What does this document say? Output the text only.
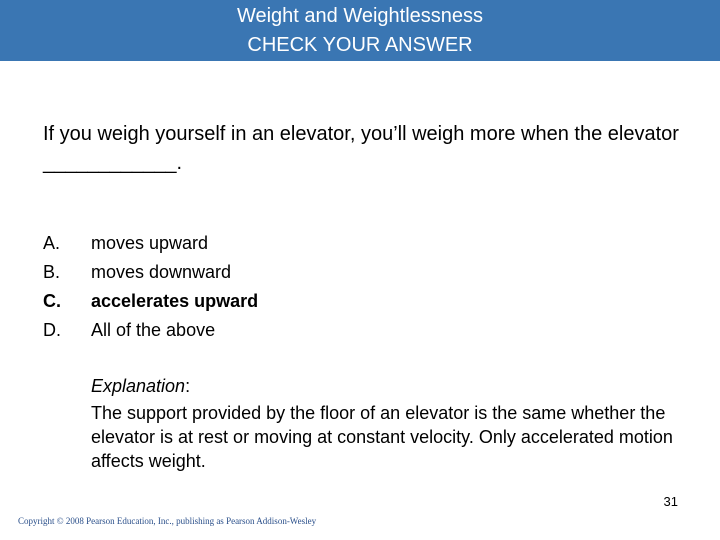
Weight and Weightlessness
CHECK YOUR ANSWER
If you weigh yourself in an elevator, you’ll weigh more when the elevator ____________.
A. moves upward
B. moves downward
C. accelerates upward
D. All of the above
Explanation:
The support provided by the floor of an elevator is the same whether the elevator is at rest or moving at constant velocity. Only accelerated motion affects weight.
31
Copyright © 2008 Pearson Education, Inc., publishing as Pearson Addison-Wesley
